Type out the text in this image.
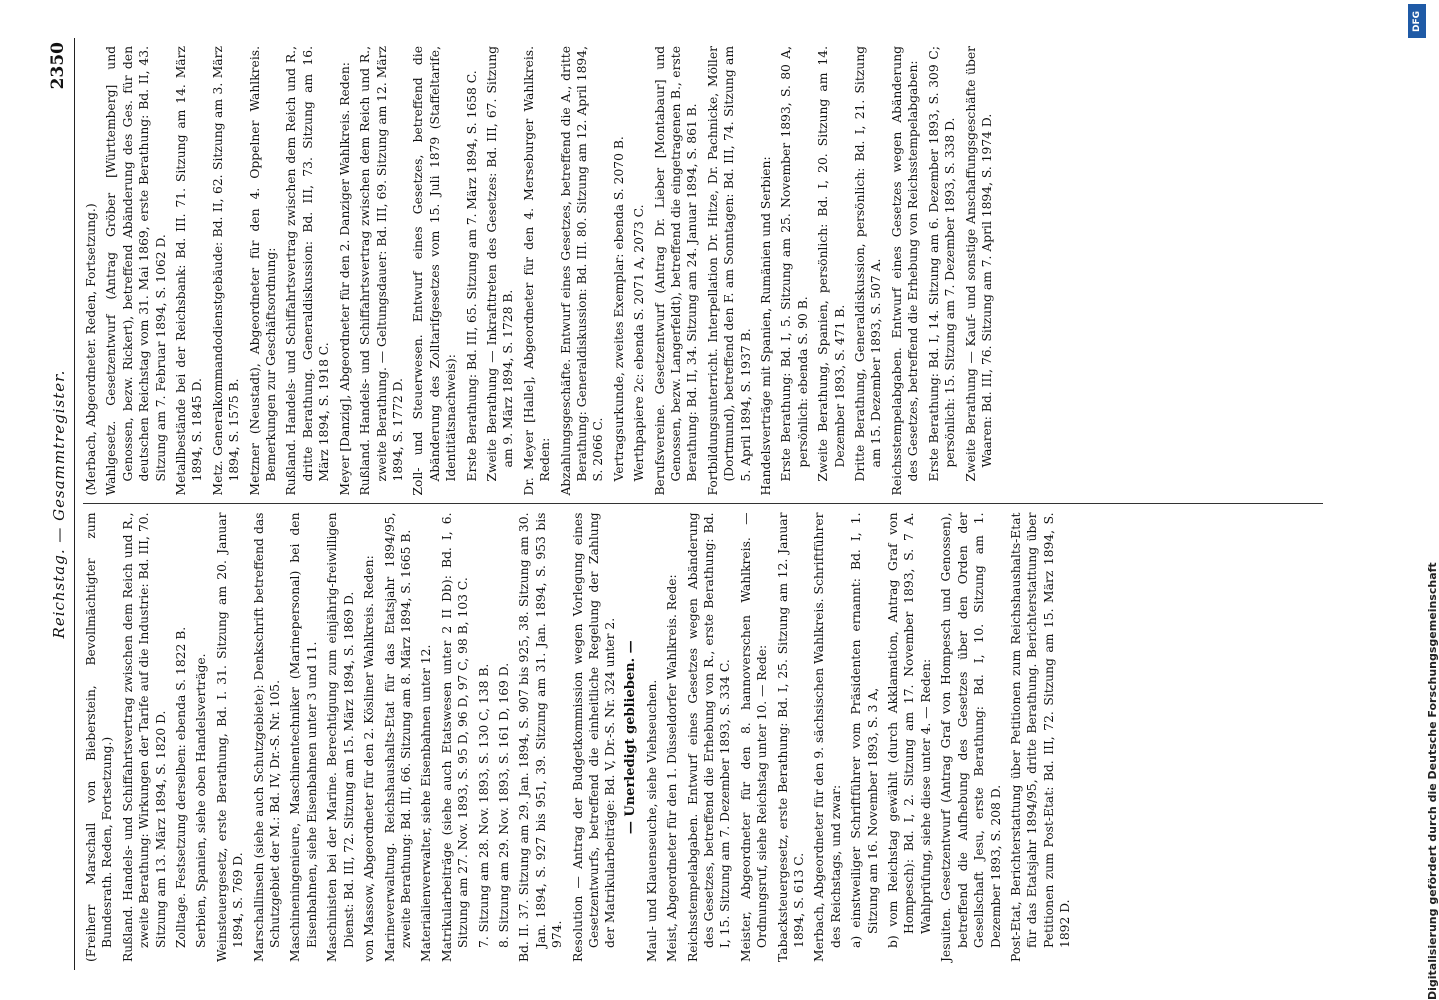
Reichstag. — Gesammtregister.
2350

(Freiherr Marschall von Bieberstein, Bevollmächtigter zum Bundesrath. Reden, Fortsetzung.) Rußland. Handels- und Schiffahrtsvertrag zwischen dem Reich und R., zweite Berathung: Wirkungen der Tarife auf die Industrie: Bd. III, 70. Sitzung am 13. März 1894, S. 1820 D. Zolltage. Festsetzung derselben: ebenda S. 1822 B. Serbien, Spanien, siehe oben Handelsverträge. Weinsteuergesetz, erste Berathung, Bd. I. 31. Sitzung am 20. Januar 1894, S. 769 D. Marschallinseln (siehe auch Schutzgebiete): Denkschrift betreffend das Schutzgebiet der M.: Bd. IV, Dr.-S. Nr. 105. Maschineningenieure, Maschinentechniker (Marinepersonal) bei den Eisenbahnen, siehe Eisenbahnen unter 3 und 11. Maschinisten bei der Marine. Berechtigung zum einjährig-freiwilligen Dienst: Bd. III, 72. Sitzung am 15. März 1894, S. 1869 D. von Massow, Abgeordneter für den 2. Kösliner Wahlkreis. Reden: Marineverwaltung. Reichshaushalts-Etat für das Etatsjahr 1894/95, zweite Berathung: Bd. III, 66. Sitzung am 8. März 1894, S. 1665 B. Materialienverwalter, siehe Eisenbahnen unter 12. Matrikularbeiträge (siehe auch Etatswesen unter 2 II Db): Bd. I, 6. Sitzung am 27. Nov. 1893, S. 95 D, 96 D, 97 C, 98 B, 103 C. 7. Sitzung am 28. Nov. 1893, S. 130 C, 138 B. 8. Sitzung am 29. Nov. 1893, S. 161 D, 169 D. Bd. II. 37. Sitzung am 29. Jan. 1894, S. 907 bis 925, 38. Sitzung am 30. Jan. 1894, S. 927 bis 951, 39. Sitzung am 31. Jan. 1894, S. 953 bis 974. Resolution — Antrag der Budgetkommission wegen Vorlegung eines Gesetzentwurfs, betreffend die einheitliche Regelung der Zahlung der Matrikularbeiträge: Bd. V, Dr.-S. Nr. 324 unter 2. — Unerledigt geblieben. — Maul- und Klauenseuche, siehe Viehseuchen. Meist, Abgeordneter für den 1. Düsseldorfer Wahlkreis. Rede: Reichsstempelabgaben. Entwurf eines Gesetzes wegen Abänderung des Gesetzes, betreffend die Erhebung von R., erste Berathung: Bd. I, 15. Sitzung am 7. Dezember 1893, S. 334 C. Meister, Abgeordneter für den 8. hannoverschen Wahlkreis. — Ordnungsruf, siehe Reichstag unter 10. — Rede: Tabacksteuergesetz, erste Berathung: Bd. I, 25. Sitzung am 12. Januar 1894, S. 613 C. Merbach, Abgeordneter für den 9. sächsischen Wahlkreis. Schriftführer des Reichstags, und zwar: a) einstweiliger Schriftführer vom Präsidenten ernannt: Bd. I, 1. Sitzung am 16. November 1893, S. 3 A, b) vom Reichstag gewählt (durch Akklamation, Antrag Graf von Hompesch): Bd. I, 2. Sitzung am 17. November 1893, S. 7 A. Wahlprüfung, siehe diese unter 4. — Reden: Jesuiten. Gesetzentwurf (Antrag Graf von Hompesch und Genossen), betreffend die Aufhebung des Gesetzes über den Orden der Gesellschaft Jesu, erste Berathung: Bd. I, 10. Sitzung am 1. Dezember 1893, S. 208 D. Post-Etat, Berichterstattung über Petitionen zum Reichshaushalts-Etat für das Etatsjahr 1894/95, dritte Berathung. Berichterstattung über Petitionen zum Post-Etat: Bd. III, 72. Sitzung am 15. März 1894, S. 1892 D.

(Merbach, Abgeordneter. Reden, Fortsetzung.) Wahlgesetz. Gesetzentwurf (Antrag Gröber [Württemberg] und Genossen, bezw. Rickert), betreffend Abänderung des Ges. für den deutschen Reichstag vom 31. Mai 1869, erste Berathung: Bd. II, 43. Sitzung am 7. Februar 1894, S. 1062 D. Metallbestände bei der Reichsbank: Bd. III. 71. Sitzung am 14. März 1894, S. 1845 D. Metz. Generalkommandodienstgebäude: Bd. II, 62. Sitzung am 3. März 1894, S. 1575 B. Metzner (Neustadt), Abgeordneter für den 4. Oppelner Wahlkreis. Bemerkungen zur Geschäftsordnung: Rußland. Handels- und Schiffahrtsvertrag zwischen dem Reich und R., dritte Berathung. Generaldiskussion: Bd. III, 73. Sitzung am 16. März 1894, S. 1918 C. Meyer [Danzig], Abgeordneter für den 2. Danziger Wahlkreis. Reden: Rußland. Handels- und Schiffahrtsvertrag zwischen dem Reich und R., zweite Berathung. — Geltungsdauer: Bd. III, 69. Sitzung am 12. März 1894, S. 1772 D. Zoll- und Steuerwesen. Entwurf eines Gesetzes, betreffend die Abänderung des Zolltarifgesetzes vom 15. Juli 1879 (Staffeltarife, Identitätsnachweis): Erste Berathung: Bd. III, 65. Sitzung am 7. März 1894, S. 1658 C. Zweite Berathung — Inkrafttreten des Gesetzes: Bd. III, 67. Sitzung am 9. März 1894, S. 1728 B. Dr. Meyer [Halle], Abgeordneter für den 4. Merseburger Wahlkreis. Reden: Abzahlungsgeschäfte. Entwurf eines Gesetzes, betreffend die A., dritte Berathung: Generaldiskussion: Bd. III. 80. Sitzung am 12. April 1894, S. 2066 C. Vertragsurkunde, zweites Exemplar: ebenda S. 2070 B. Werthpapiere 2c: ebenda S. 2071 A, 2073 C. Berufsvereine. Gesetzentwurf (Antrag Dr. Lieber [Montabaur] und Genossen, bezw. Langerfeldt), betreffend die eingetragenen B., erste Berathung: Bd. II, 34. Sitzung am 24. Januar 1894, S. 861 B. Fortbildungsunterricht. Interpellation Dr. Hitze, Dr. Pachnicke, Möller (Dortmund), betreffend den F. am Sonntagen: Bd. III, 74. Sitzung am 5. April 1894, S. 1937 B. Handelsverträge mit Spanien, Rumänien und Serbien: Erste Berathung: Bd. I, 5. Sitzung am 25. November 1893, S. 80 A, persönlich: ebenda S. 90 B. Zweite Berathung, Spanien, persönlich: Bd. I, 20. Sitzung am 14. Dezember 1893, S. 471 B. Dritte Berathung, Generaldiskussion, persönlich: Bd. I, 21. Sitzung am 15. Dezember 1893, S. 507 A. Reichsstempelabgaben. Entwurf eines Gesetzes wegen Abänderung des Gesetzes, betreffend die Erhebung von Reichsstempelabgaben: Erste Berathung: Bd. I, 14. Sitzung am 6. Dezember 1893, S. 309 C; persönlich: 15. Sitzung am 7. Dezember 1893, S. 338 D. Zweite Berathung — Kauf- und sonstige Anschaffungsgeschäfte über Waaren: Bd. III, 76. Sitzung am 7. April 1894, S. 1974 D.

DFG
Digitalisierung gefördert durch die Deutsche Forschungsgemeinschaft
